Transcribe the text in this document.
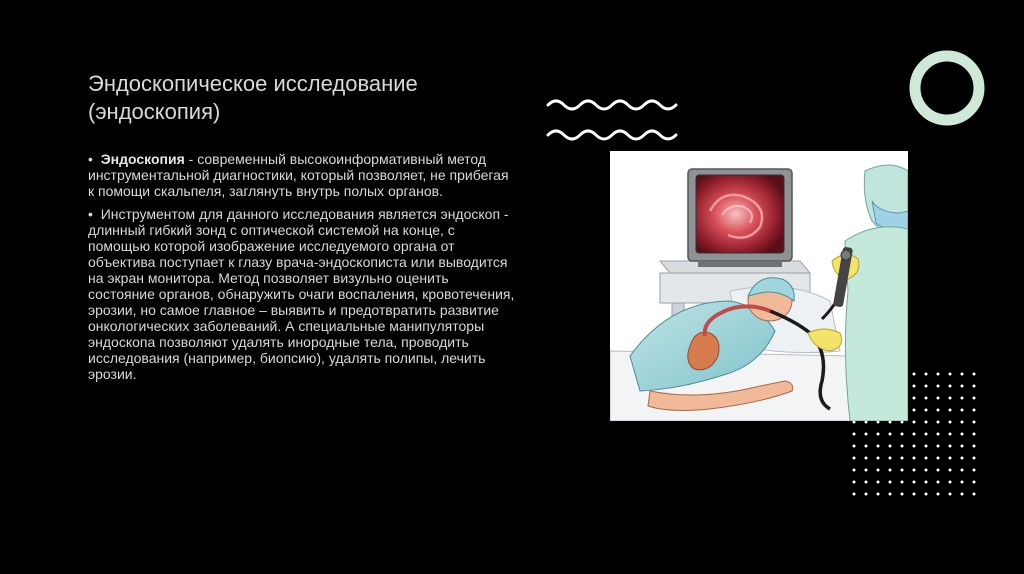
Эндоскопическое исследование
(эндоскопия)

• Эндоскопия - современный высокоинформативный метод инструментальной диагностики, который позволяет, не прибегая к помощи скальпеля, заглянуть внутрь полых органов.

• Инструментом для данного исследования является эндоскоп - длинный гибкий зонд с оптической системой на конце, с помощью которой изображение исследуемого органа от объектива поступает к глазу врача-эндоскописта или выводится на экран монитора. Метод позволяет визульно оценить состояние органов, обнаружить очаги воспаления, кровотечения, эрозии, но самое главное – выявить и предотвратить развитие онкологических заболеваний. А специальные манипуляторы эндоскопа позволяют удалять инородные тела, проводить исследования (например, биопсию), удалять полипы, лечить эрозии.
